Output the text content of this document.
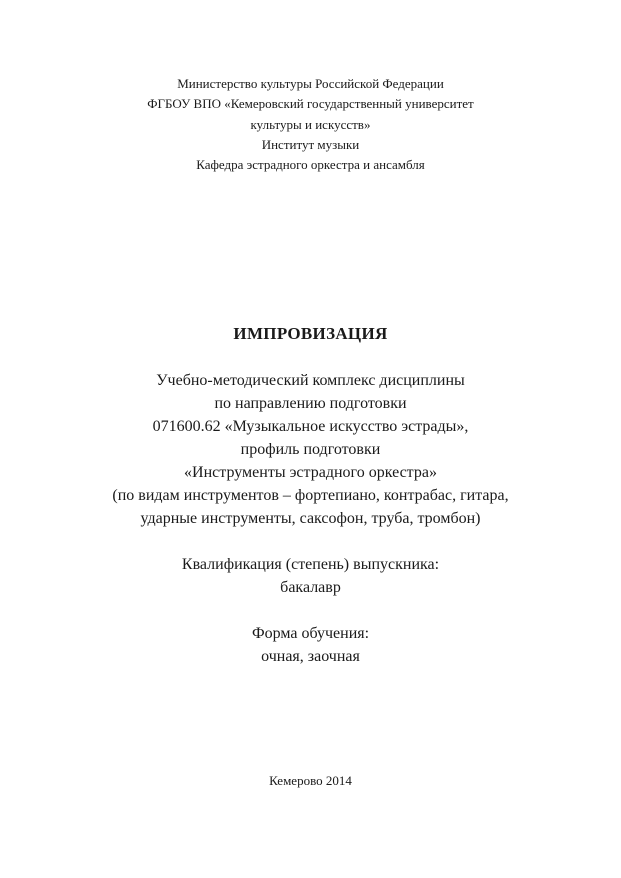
Министерство культуры Российской Федерации
ФГБОУ ВПО «Кемеровский государственный университет
культуры и искусств»
Институт музыки
Кафедра эстрадного оркестра и ансамбля
ИМПРОВИЗАЦИЯ
Учебно-методический комплекс дисциплины
по направлению подготовки
071600.62 «Музыкальное искусство эстрады»,
профиль подготовки
«Инструменты эстрадного оркестра»
(по видам инструментов – фортепиано, контрабас, гитара,
ударные инструменты, саксофон, труба, тромбон)
Квалификация (степень) выпускника:
бакалавр
Форма обучения:
очная, заочная
Кемерово 2014
